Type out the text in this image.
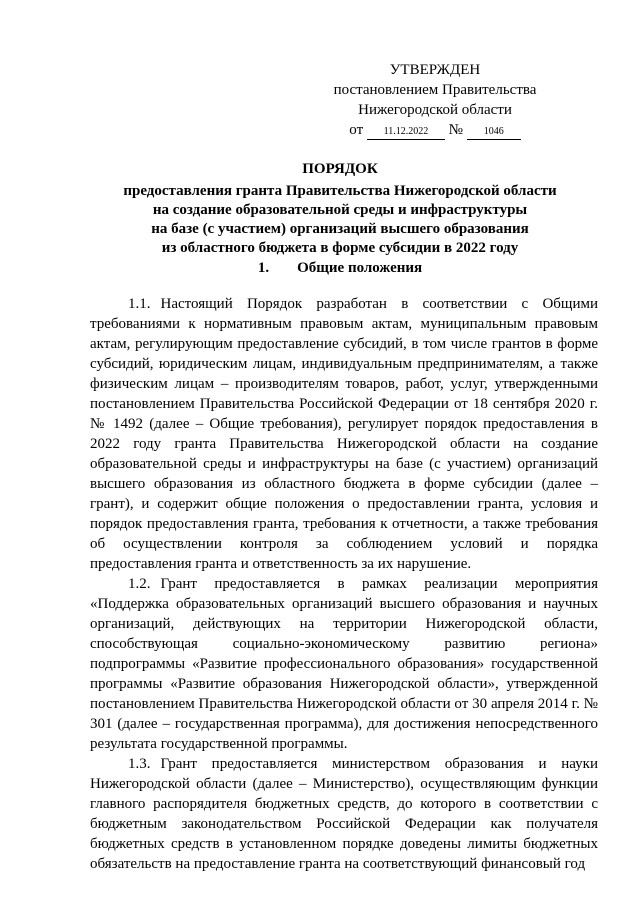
УТВЕРЖДЕН
постановлением Правительства
Нижегородской области
от 11.12.2022 № 1046
ПОРЯДОК
предоставления гранта Правительства Нижегородской области
на создание образовательной среды и инфраструктуры
на базе (с участием) организаций высшего образования
из областного бюджета в форме субсидии в 2022 году
1. Общие положения

1.1. Настоящий Порядок разработан в соответствии с Общими требованиями к нормативным правовым актам, муниципальным правовым актам, регулирующим предоставление субсидий, в том числе грантов в форме субсидий, юридическим лицам, индивидуальным предпринимателям, а также физическим лицам – производителям товаров, работ, услуг, утвержденными постановлением Правительства Российской Федерации от 18 сентября 2020 г. № 1492 (далее – Общие требования), регулирует порядок предоставления в 2022 году гранта Правительства Нижегородской области на создание образовательной среды и инфраструктуры на базе (с участием) организаций высшего образования из областного бюджета в форме субсидии (далее – грант), и содержит общие положения о предоставлении гранта, условия и порядок предоставления гранта, требования к отчетности, а также требования об осуществлении контроля за соблюдением условий и порядка предоставления гранта и ответственность за их нарушение.

1.2. Грант предоставляется в рамках реализации мероприятия «Поддержка образовательных организаций высшего образования и научных организаций, действующих на территории Нижегородской области, способствующая социально-экономическому развитию региона» подпрограммы «Развитие профессионального образования» государственной программы «Развитие образования Нижегородской области», утвержденной постановлением Правительства Нижегородской области от 30 апреля 2014 г. № 301 (далее – государственная программа), для достижения непосредственного результата государственной программы.

1.3. Грант предоставляется министерством образования и науки Нижегородской области (далее – Министерство), осуществляющим функции главного распорядителя бюджетных средств, до которого в соответствии с бюджетным законодательством Российской Федерации как получателя бюджетных средств в установленном порядке доведены лимиты бюджетных обязательств на предоставление гранта на соответствующий финансовый год
